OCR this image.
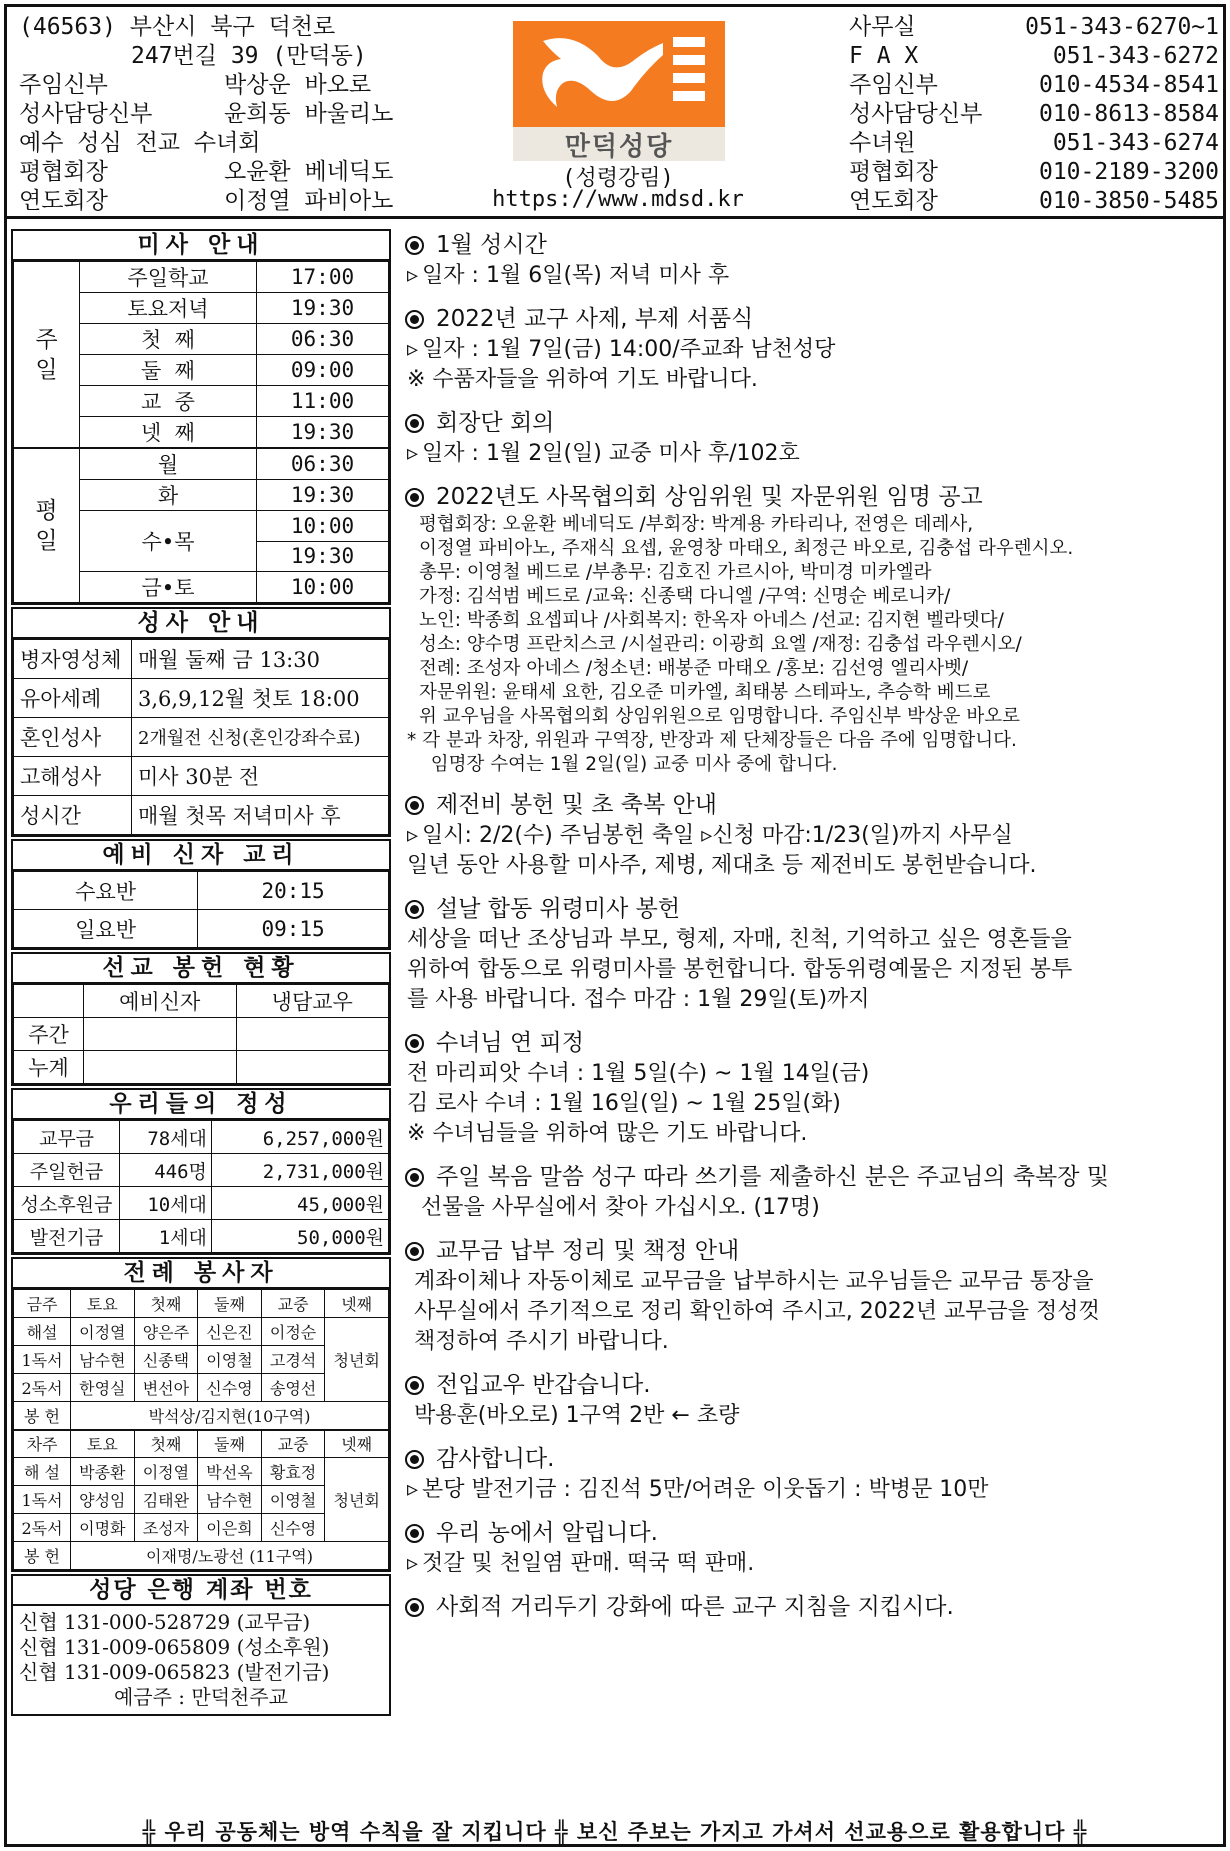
(46563)
부산시 북구 덕천로
247번길 39 (만덕동)
주임신부	박상운 바오로
성사담당신부	윤희동 바울리노
예수 성심 전교 수녀회
평협회장	오윤환 베네딕도
연도회장	이정열 파비아노
만덕성당
(성령강림)
https://www.mdsd.kr
사무실	051-343-6270~1
F A X	051-343-6272
주임신부	010-4534-8541
성사담당신부 010-8613-8584
수녀원	051-343-6274
평협회장	010-2189-3200
연도회장	010-3850-5485
미사 안내
주
일	주일학교	17:00
	토요저녁	19:30
	첫  째	06:30
	둘  째	09:00
	교  중	11:00
	넷  째	19:30
평
일	월	06:30
	화	19:30
	수•목	10:00
		19:30
	금•토	10:00
성사 안내
병자영성체	매월 둘째 금 13:30
유아세례	3,6,9,12월 첫토 18:00
혼인성사	2개월전 신청(혼인강좌수료)
고해성사	미사 30분 전
성시간	매월 첫목 저녁미사 후
예비 신자 교리
수요반	20:15
일요반	09:15
선교 봉헌 현황
	예비신자	냉담교우
주간		
누계		
우리들의 정성
교무금	78세대	6,257,000원
주일헌금	446명	2,731,000원
성소후원금	10세대	45,000원
발전기금	1세대	50,000원
전례 봉사자
금주	토요	첫째	둘째	교중	넷째
해설	이정열	양은주	신은진	이정순	청년회
1독서	남수현	신종택	이영철	고경석	
2독서	한영실	변선아	신수영	송영선	
봉 헌	박석상/김지현(10구역)				
차주	토요	첫째	둘째	교중	넷째
해 설	박종환	이정열	박선옥	황효정	청년회
1독서	양성임	김태완	남수현	이영철	
2독서	이명화	조성자	이은희	신수영	
봉 헌	이재명/노광선 (11구역)				
성당 은행 계좌 번호
신협 131-000-528729 (교무금)
신협 131-009-065809 (성소후원)
신협 131-009-065823 (발전기금)
예금주 : 만덕천주교
1월 성시간
▹ 일자 : 1월 6일(목) 저녁 미사 후
2022년 교구 사제, 부제 서품식
▹ 일자 : 1월 7일(금) 14:00/주교좌 남천성당
※ 수품자들을 위하여 기도 바랍니다.
회장단 회의
▹ 일자 : 1월 2일(일) 교중 미사 후/102호
2022년도 사목협의회 상임위원 및 자문위원 임명 공고
평협회장: 오윤환 베네딕도 /부회장: 박계용 카타리나, 전영은 데레사,
이정열 파비아노, 주재식 요셉, 윤영창 마태오, 최정근 바오로, 김충섭 라우렌시오.
총무: 이영철 베드로 /부총무: 김호진 가르시아, 박미경 미카엘라
가정: 김석범 베드로 /교육: 신종택 다니엘 /구역: 신명순 베로니카/
노인: 박종희 요셉피나 /사회복지: 한옥자 아네스 /선교: 김지현 벨라뎃다/
성소: 양수명 프란치스코 /시설관리: 이광희 요엘 /재정: 김충섭 라우렌시오/
전례: 조성자 아네스 /청소년: 배봉준 마태오 /홍보: 김선영 엘리사벳/
자문위원: 윤태세 요한, 김오준 미카엘, 최태봉 스테파노, 추승학 베드로
위 교우님을 사목협의회 상임위원으로 임명합니다. 주임신부 박상운 바오로
* 각 분과 차장, 위원과 구역장, 반장과 제 단체장들은 다음 주에 임명합니다.
임명장 수여는 1월 2일(일) 교중 미사 중에 합니다.
제전비 봉헌 및 초 축복 안내
▹ 일시: 2/2(수) 주님봉헌 축일 ▹신청 마감:1/23(일)까지 사무실
일년 동안 사용할 미사주, 제병, 제대초 등 제전비도 봉헌받습니다.
설날 합동 위령미사 봉헌
세상을 떠난 조상님과 부모, 형제, 자매, 친척, 기억하고 싶은 영혼들을
위하여 합동으로 위령미사를 봉헌합니다. 합동위령예물은 지정된 봉투
를 사용 바랍니다. 접수 마감 : 1월 29일(토)까지
수녀님 연 피정
전 마리피앗 수녀 : 1월 5일(수) ~ 1월 14일(금)
김 로사 수녀 : 1월 16일(일) ~ 1월 25일(화)
※ 수녀님들을 위하여 많은 기도 바랍니다.
주일 복음 말씀 성구 따라 쓰기를 제출하신 분은 주교님의 축복장 및
선물을 사무실에서 찾아 가십시오. (17명)
교무금 납부 정리 및 책정 안내
계좌이체나 자동이체로 교무금을 납부하시는 교우님들은 교무금 통장을
사무실에서 주기적으로 정리 확인하여 주시고, 2022년 교무금을 정성껏
책정하여 주시기 바랍니다.
전입교우 반갑습니다.
박용훈(바오로) 1구역 2반 ← 초량
감사합니다.
▹ 본당 발전기금 : 김진석 5만/어려운 이웃돕기 : 박병문 10만
우리 농에서 알립니다.
▹ 젓갈 및 천일염 판매. 떡국 떡 판매.
사회적 거리두기 강화에 따른 교구 지침을 지킵시다.
╬ 우리 공동체는 방역 수칙을 잘 지킵니다 ╬ 보신 주보는 가지고 가셔서 선교용으로 활용합니다 ╬
